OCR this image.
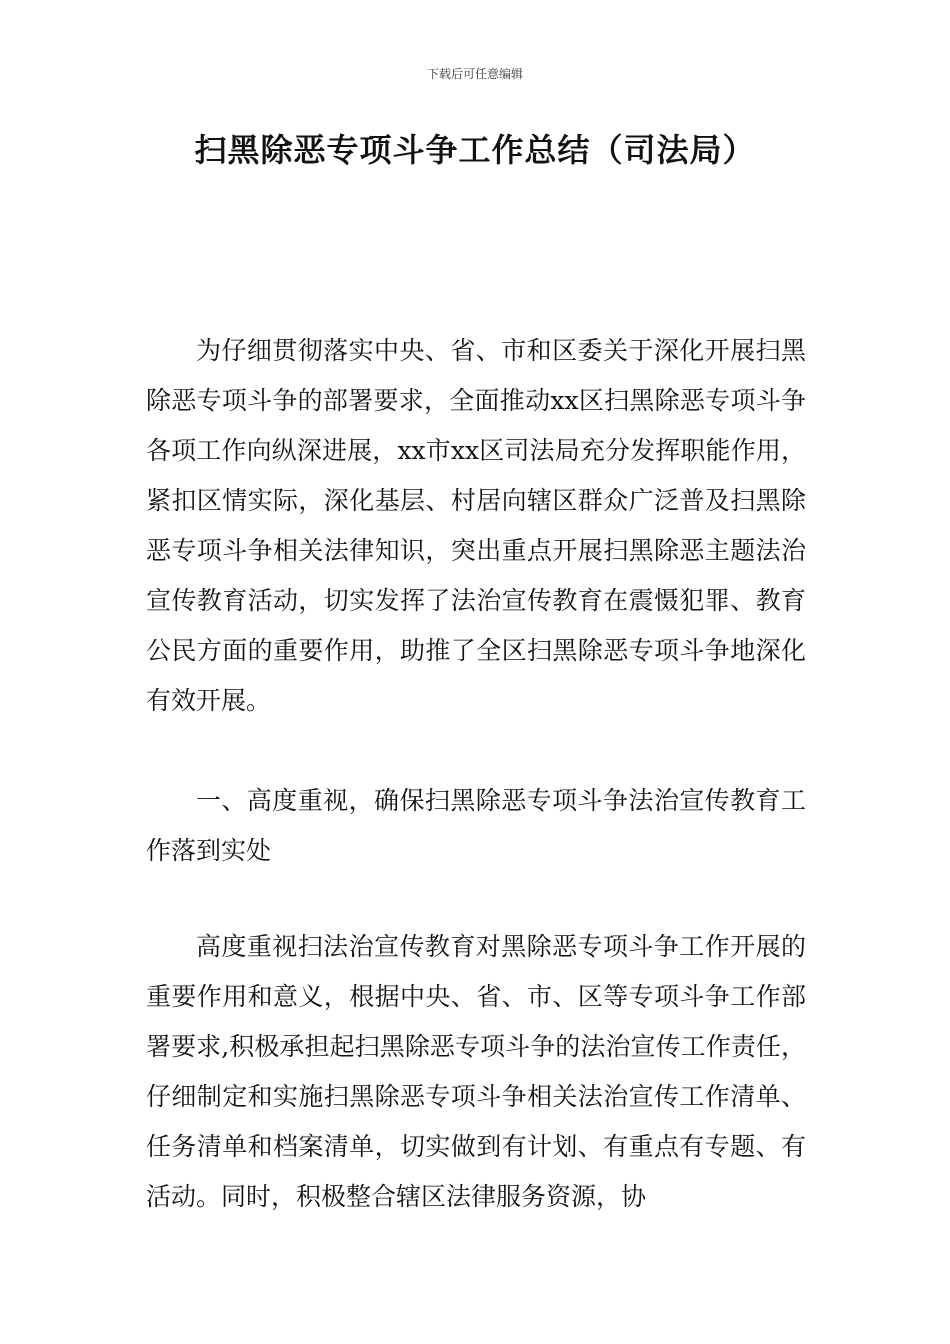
下载后可任意编辑
扫黑除恶专项斗争工作总结（司法局）

为仔细贯彻落实中央、省、市和区委关于深化开展扫黑除恶专项斗争的部署要求，全面推动xx区扫黑除恶专项斗争各项工作向纵深进展，xx市xx区司法局充分发挥职能作用，紧扣区情实际，深化基层、村居向辖区群众广泛普及扫黑除恶专项斗争相关法律知识，突出重点开展扫黑除恶主题法治宣传教育活动，切实发挥了法治宣传教育在震慑犯罪、教育公民方面的重要作用，助推了全区扫黑除恶专项斗争地深化有效开展。

一、高度重视，确保扫黑除恶专项斗争法治宣传教育工作落到实处

高度重视扫法治宣传教育对黑除恶专项斗争工作开展的重要作用和意义，根据中央、省、市、区等专项斗争工作部署要求,积极承担起扫黑除恶专项斗争的法治宣传工作责任，仔细制定和实施扫黑除恶专项斗争相关法治宣传工作清单、任务清单和档案清单，切实做到有计划、有重点有专题、有活动。同时，积极整合辖区法律服务资源，协
